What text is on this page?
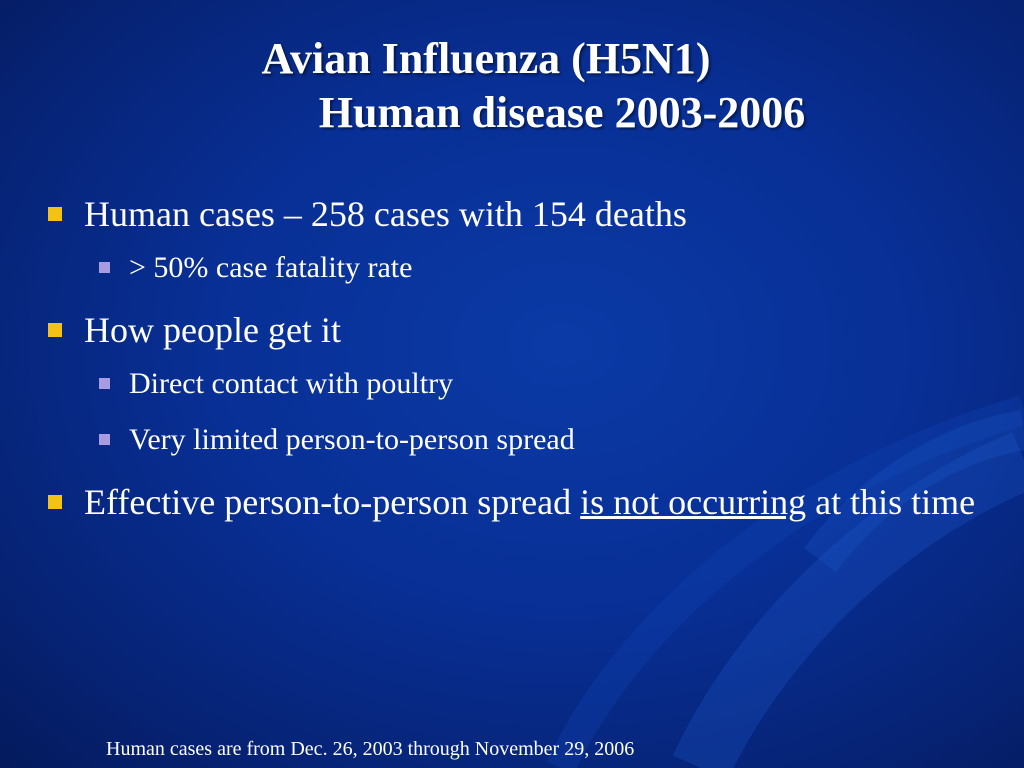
Avian Influenza (H5N1)
Human disease 2003-2006

Human cases – 258 cases with 154 deaths

> 50% case fatality rate

How people get it

Direct contact with poultry

Very limited person-to-person spread

Effective person-to-person spread is not occurring at this time

Human cases are from Dec. 26, 2003 through November 29, 2006
